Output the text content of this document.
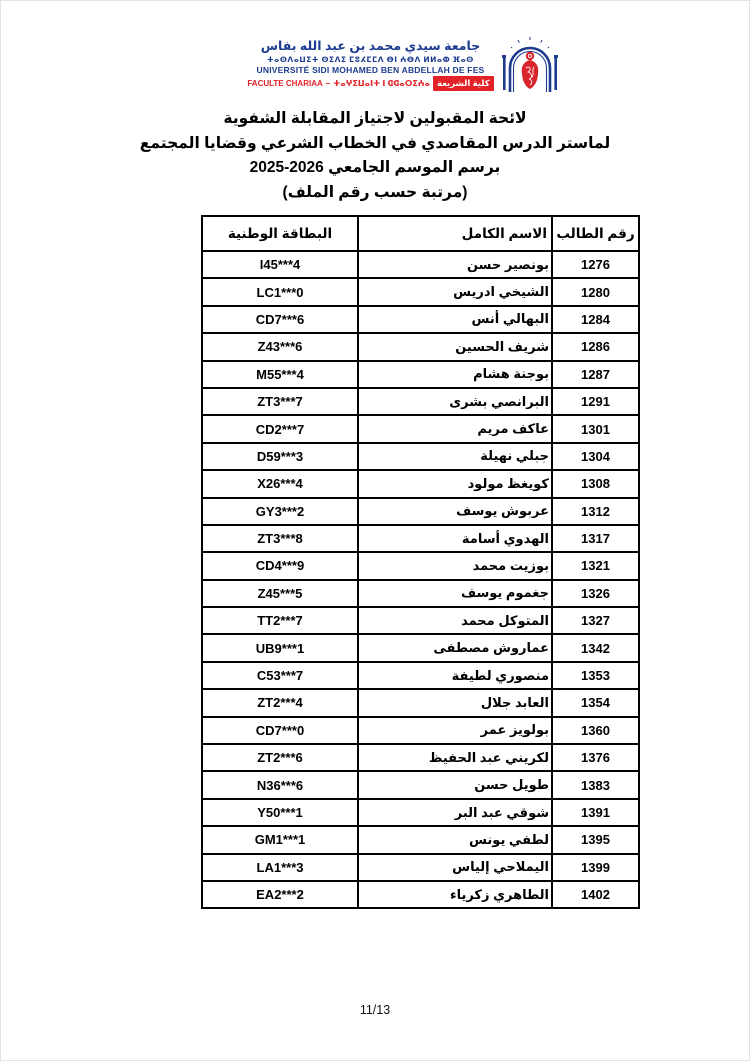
جامعة سيدي محمد بن عبد الله بفاس
ⵜⴰⵙⴷⴰⵡⵉⵜ ⵙⵉⴷⵉ ⵎⵓⵃⵎⵎⴷ ⴱⵏ ⵄⴱⴷ ⵍⵍⴰⵀ ⴼⴰⵙ
UNIVERSITÉ SIDI MOHAMED BEN ABDELLAH DE FES
FACULTE CHARIAA – ⵜⴰⵖⵉⵡⴰⵏⵜ ⵏ ⵛⵛⴰⵔⵉⵄⴰ كلية الشريعة
لائحة المقبولين لاجتياز المقابلة الشفوية
لماستر الدرس المقاصدي في الخطاب الشرعي وقضايا المجتمع
برسم الموسم الجامعي 2026-2025
(مرتبة حسب رقم الملف)
رقم الطالب	الاسم الكامل	البطاقة الوطنية
1276	بونصير حسن	I45***4
1280	الشيخي ادريس	LC1***0
1284	البهالي أنس	CD7***6
1286	شريف الحسين	Z43***6
1287	بوجنة هشام	M55***4
1291	البرانصي بشرى	ZT3***7
1301	عاكف مريم	CD2***7
1304	جبلي نهيلة	D59***3
1308	كويغظ مولود	X26***4
1312	عربوش يوسف	GY3***2
1317	الهدوي أسامة	ZT3***8
1321	بوزيت محمد	CD4***9
1326	جغموم يوسف	Z45***5
1327	المتوكل محمد	TT2***7
1342	عماروش مصطفى	UB9***1
1353	منصوري لطيفة	C53***7
1354	العابد جلال	ZT2***4
1360	بولويز عمر	CD7***0
1376	لكريني عبد الحفيظ	ZT2***6
1383	طويل حسن	N36***6
1391	شوقي عبد البر	Y50***1
1395	لطفي يونس	GM1***1
1399	اليملاحي إلياس	LA1***3
1402	الطاهري زكرياء	EA2***2
11/13
